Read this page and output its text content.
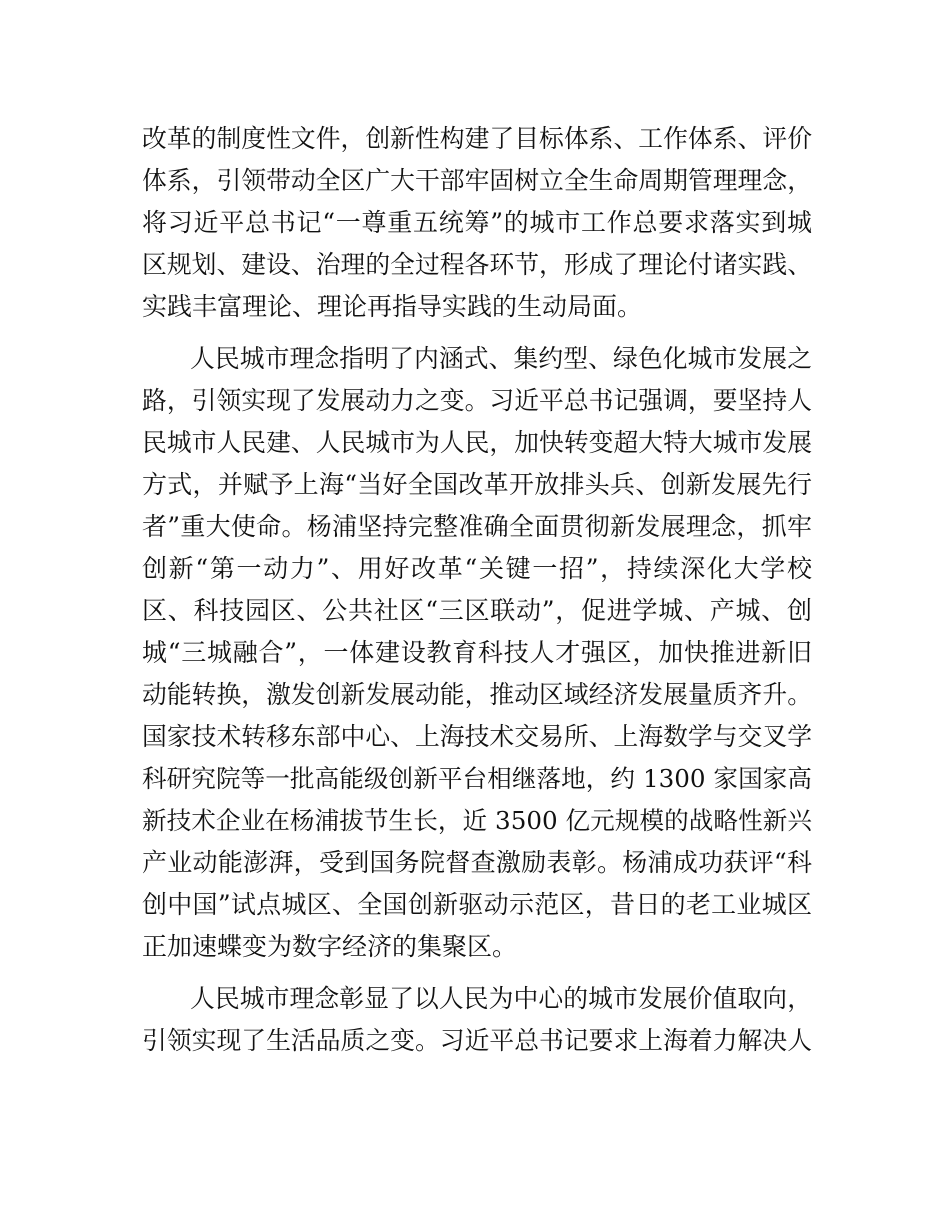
改革的制度性文件，创新性构建了目标体系、工作体系、评价
体系，引领带动全区广大干部牢固树立全生命周期管理理念，
将习近平总书记“一尊重五统筹”的城市工作总要求落实到城
区规划、建设、治理的全过程各环节，形成了理论付诸实践、
实践丰富理论、理论再指导实践的生动局面。
人民城市理念指明了内涵式、集约型、绿色化城市发展之
路，引领实现了发展动力之变。习近平总书记强调，要坚持人
民城市人民建、人民城市为人民，加快转变超大特大城市发展
方式，并赋予上海“当好全国改革开放排头兵、创新发展先行
者”重大使命。杨浦坚持完整准确全面贯彻新发展理念，抓牢
创新“第一动力”、用好改革“关键一招”，持续深化大学校
区、科技园区、公共社区“三区联动”，促进学城、产城、创
城“三城融合”，一体建设教育科技人才强区，加快推进新旧
动能转换，激发创新发展动能，推动区域经济发展量质齐升。
国家技术转移东部中心、上海技术交易所、上海数学与交叉学
科研究院等一批高能级创新平台相继落地，约 1300 家国家高
新技术企业在杨浦拔节生长，近 3500 亿元规模的战略性新兴
产业动能澎湃，受到国务院督查激励表彰。杨浦成功获评“科
创中国”试点城区、全国创新驱动示范区，昔日的老工业城区
正加速蝶变为数字经济的集聚区。
人民城市理念彰显了以人民为中心的城市发展价值取向，
引领实现了生活品质之变。习近平总书记要求上海着力解决人
